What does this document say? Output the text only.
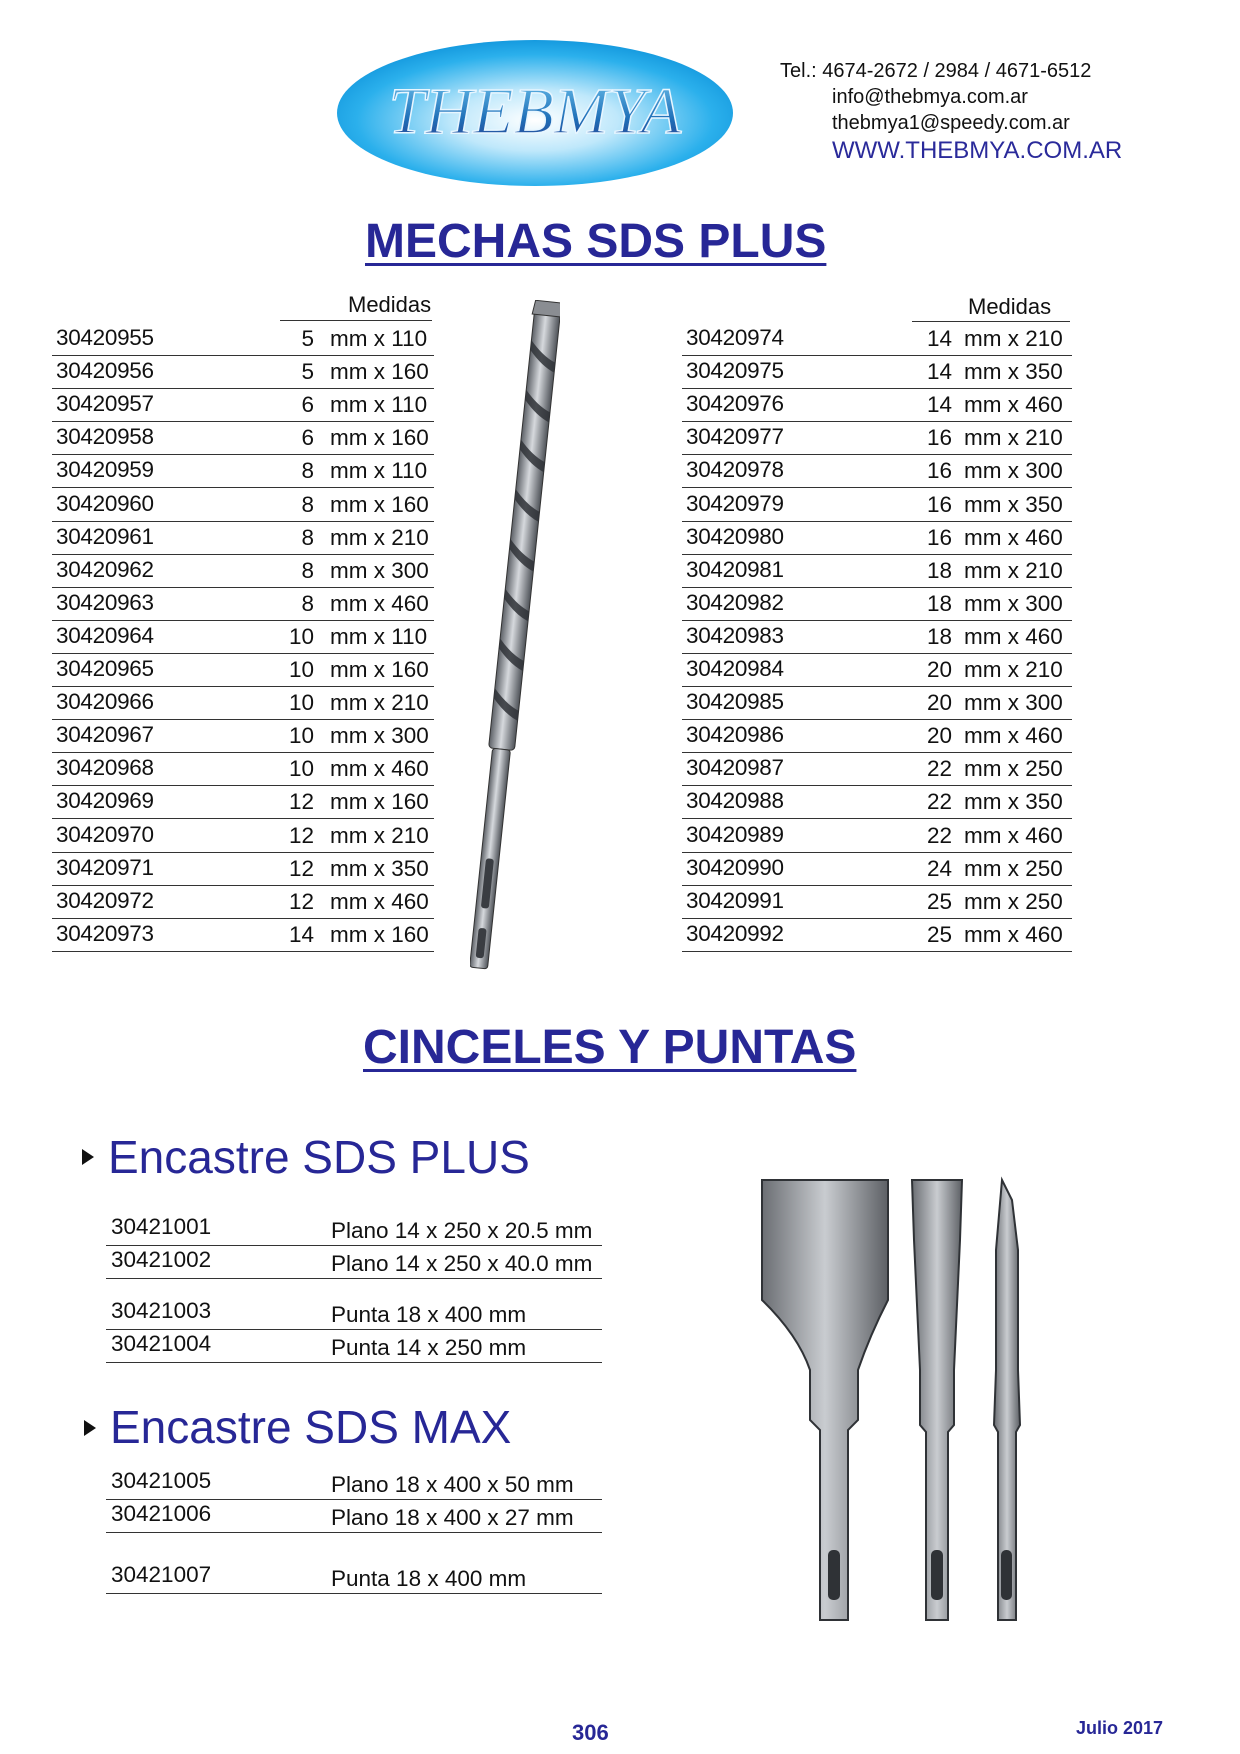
THEBMYA
Tel.: 4674-2672 / 2984 / 4671-6512
info@thebmya.com.ar
thebmya1@speedy.com.ar
WWW.THEBMYA.COM.AR
MECHAS SDS PLUS
Medidas	Medidas
30420955	5 mm x 110
30420956	5 mm x 160
30420957	6 mm x 110
30420958	6 mm x 160
30420959	8 mm x 110
30420960	8 mm x 160
30420961	8 mm x 210
30420962	8 mm x 300
30420963	8 mm x 460
30420964	10 mm x 110
30420965	10 mm x 160
30420966	10 mm x 210
30420967	10 mm x 300
30420968	10 mm x 460
30420969	12 mm x 160
30420970	12 mm x 210
30420971	12 mm x 350
30420972	12 mm x 460
30420973	14 mm x 160
30420974	14 mm x 210
30420975	14 mm x 350
30420976	14 mm x 460
30420977	16 mm x 210
30420978	16 mm x 300
30420979	16 mm x 350
30420980	16 mm x 460
30420981	18 mm x 210
30420982	18 mm x 300
30420983	18 mm x 460
30420984	20 mm x 210
30420985	20 mm x 300
30420986	20 mm x 460
30420987	22 mm x 250
30420988	22 mm x 350
30420989	22 mm x 460
30420990	24 mm x 250
30420991	25 mm x 250
30420992	25 mm x 460
CINCELES Y PUNTAS
Encastre SDS PLUS
30421001	Plano 14 x 250 x 20.5 mm
30421002	Plano 14 x 250 x 40.0 mm
30421003	Punta 18 x 400 mm
30421004	Punta 14 x 250 mm
Encastre SDS MAX
30421005	Plano 18 x 400 x 50 mm
30421006	Plano 18 x 400 x 27 mm
30421007	Punta 18 x 400 mm
306	Julio 2017
